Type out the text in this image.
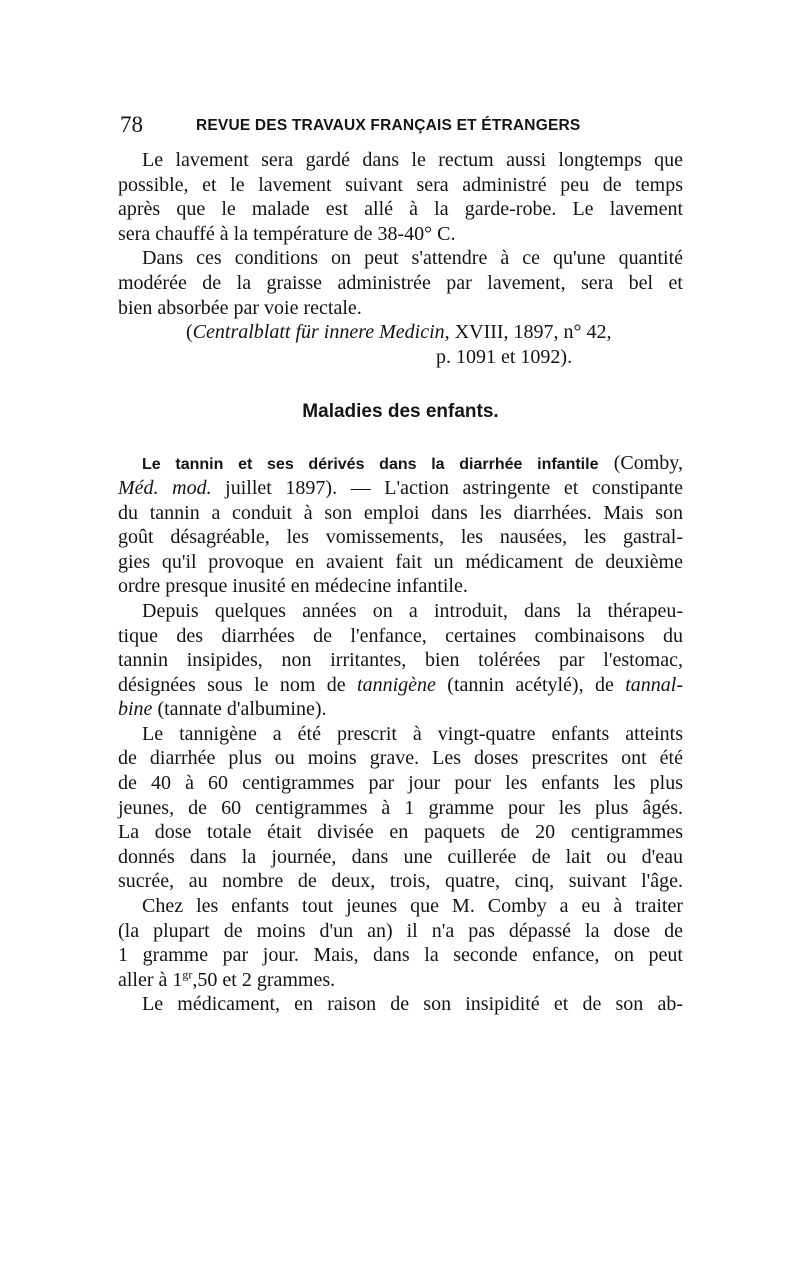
78	REVUE DES TRAVAUX FRANÇAIS ET ÉTRANGERS
Le lavement sera gardé dans le rectum aussi longtemps que
possible, et le lavement suivant sera administré peu de temps
après que le malade est allé à la garde-robe. Le lavement
sera chauffé à la température de 38-40° C.
Dans ces conditions on peut s'attendre à ce qu'une quantité
modérée de la graisse administrée par lavement, sera bel et
bien absorbée par voie rectale.
(Centralblatt für innere Medicin, XVIII, 1897, n° 42,
p. 1091 et 1092).
Maladies des enfants.
Le tannin et ses dérivés dans la diarrhée infantile (Comby,
Méd. mod. juillet 1897). — L'action astringente et constipante
du tannin a conduit à son emploi dans les diarrhées. Mais son
goût désagréable, les vomissements, les nausées, les gastral-
gies qu'il provoque en avaient fait un médicament de deuxième
ordre presque inusité en médecine infantile.
Depuis quelques années on a introduit, dans la thérapeu-
tique des diarrhées de l'enfance, certaines combinaisons du
tannin insipides, non irritantes, bien tolérées par l'estomac,
désignées sous le nom de tannigène (tannin acétylé), de tannal-
bine (tannate d'albumine).
Le tannigène a été prescrit à vingt-quatre enfants atteints
de diarrhée plus ou moins grave. Les doses prescrites ont été
de 40 à 60 centigrammes par jour pour les enfants les plus
jeunes, de 60 centigrammes à 1 gramme pour les plus âgés.
La dose totale était divisée en paquets de 20 centigrammes
donnés dans la journée, dans une cuillerée de lait ou d'eau
sucrée, au nombre de deux, trois, quatre, cinq, suivant l'âge.
Chez les enfants tout jeunes que M. Comby a eu à traiter
(la plupart de moins d'un an) il n'a pas dépassé la dose de
1 gramme par jour. Mais, dans la seconde enfance, on peut
aller à $1^{gr},50$ et 2 grammes.
Le médicament, en raison de son insipidité et de son ab-
